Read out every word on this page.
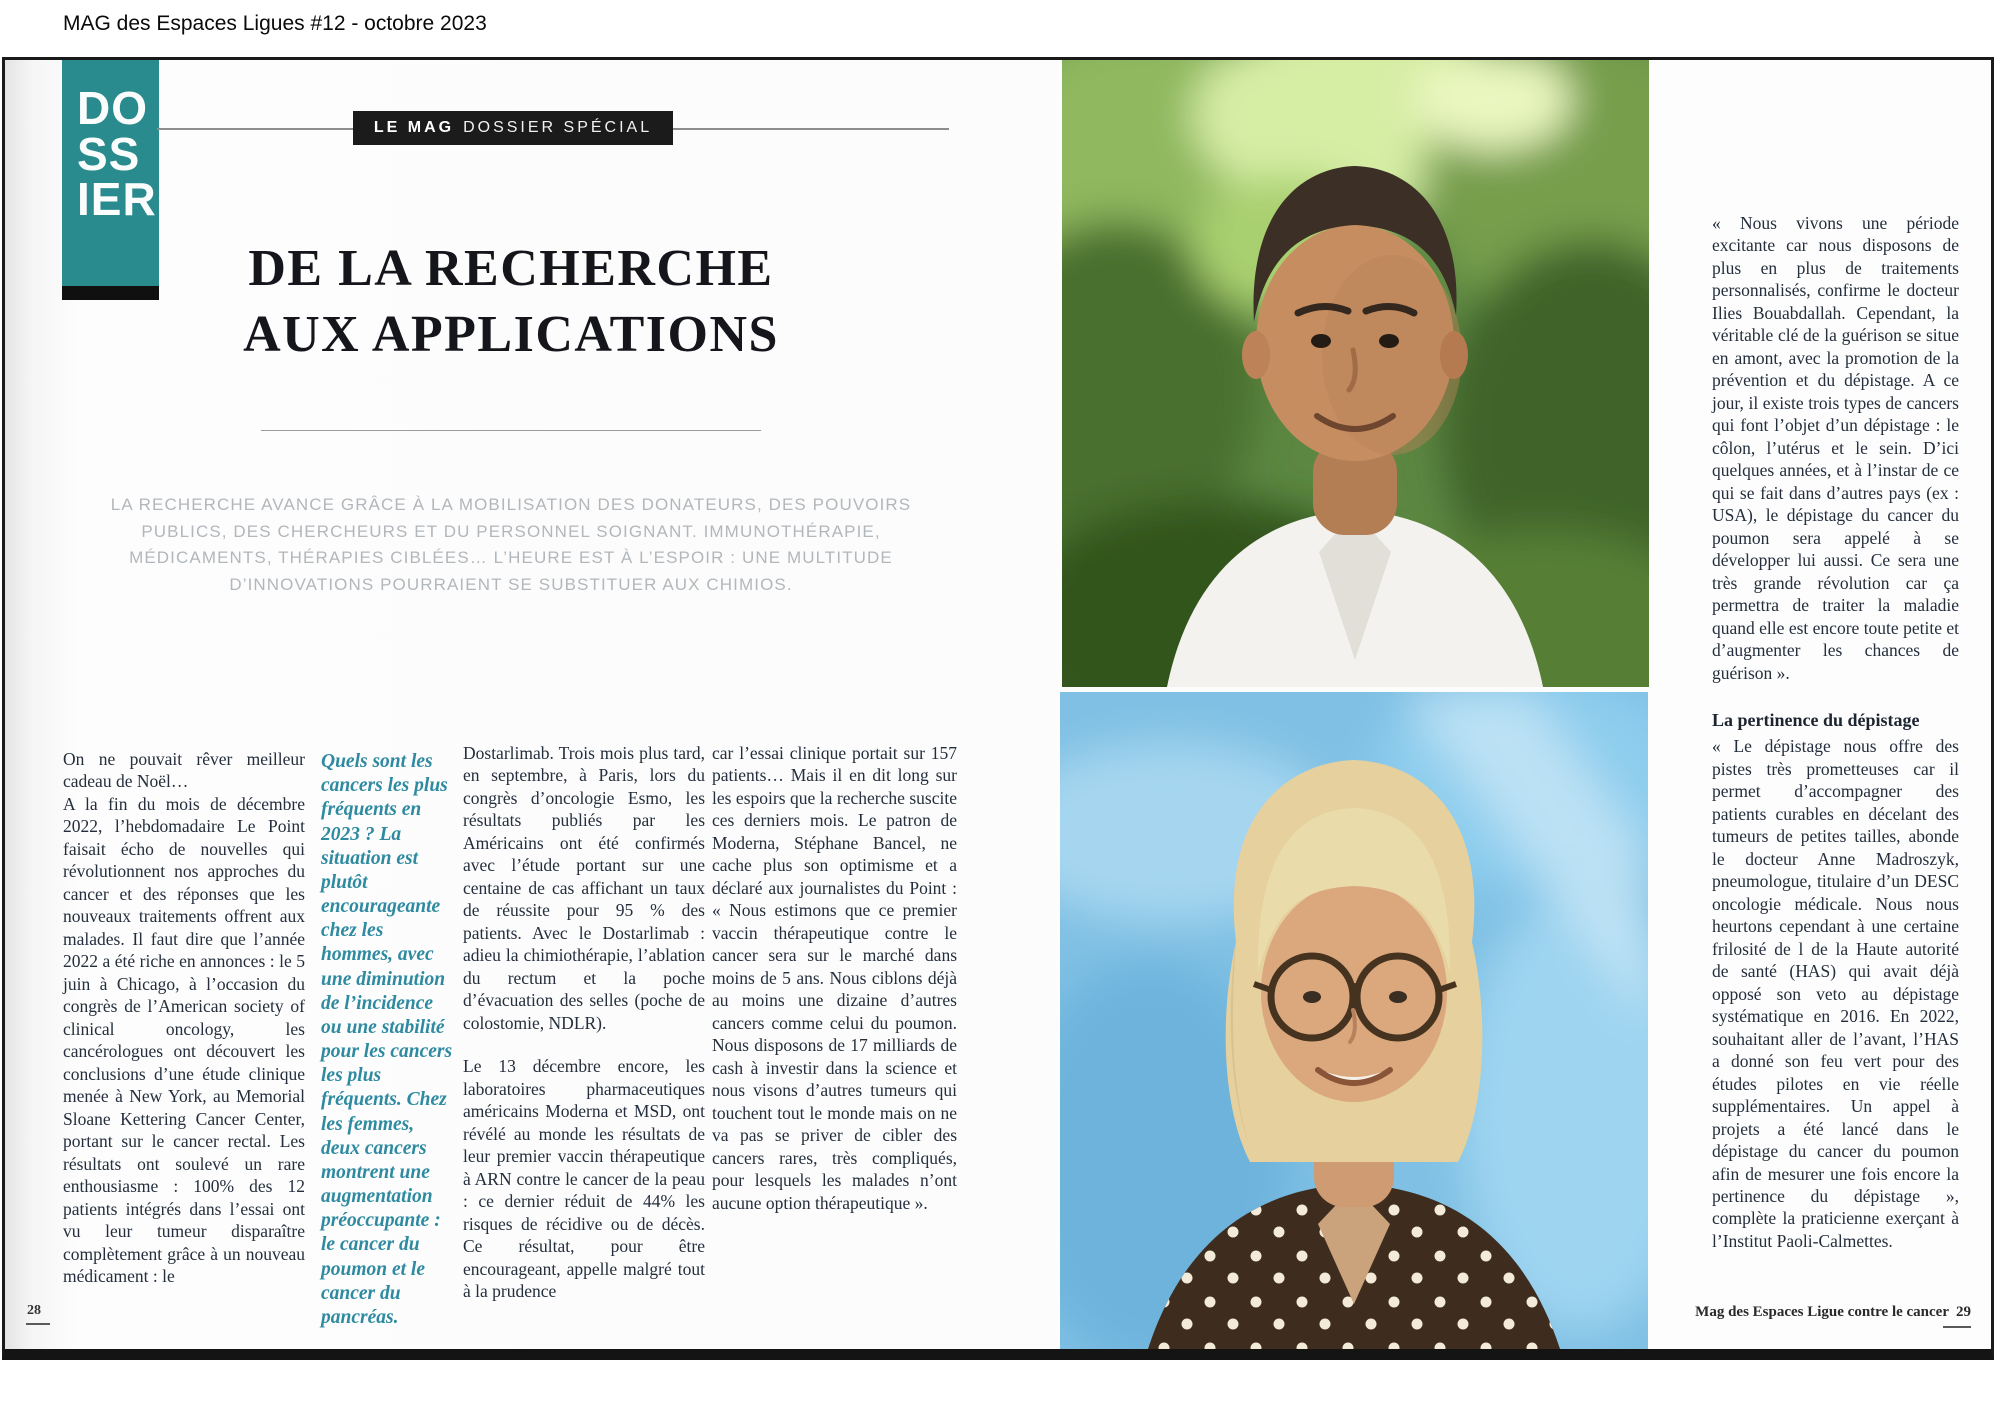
MAG des Espaces Ligues #12 - octobre 2023
DO
SS
IER
LE MAG DOSSIER SPÉCIAL
DE LA RECHERCHE
AUX APPLICATIONS
LA RECHERCHE AVANCE GRÂCE À LA MOBILISATION DES DONATEURS, DES POUVOIRS
PUBLICS, DES CHERCHEURS ET DU PERSONNEL SOIGNANT. IMMUNOTHÉRAPIE,
MÉDICAMENTS, THÉRAPIES CIBLÉES… L’HEURE EST À L’ESPOIR : UNE MULTITUDE
D’INNOVATIONS POURRAIENT SE SUBSTITUER AUX CHIMIOS.

On ne pouvait rêver meilleur cadeau de Noël…

A la fin du mois de décembre 2022, l’hebdomadaire Le Point faisait écho de nouvelles qui révolutionnent nos approches du cancer et des réponses que les nouveaux traitements offrent aux malades. Il faut dire que l’année 2022 a été riche en annonces : le 5 juin à Chicago, à l’occasion du congrès de l’American society of clinical oncology, les cancérologues ont découvert les conclusions d’une étude clinique menée à New York, au Memorial Sloane Kettering Cancer Center, portant sur le cancer rectal. Les résultats ont soulevé un rare enthousiasme : 100% des 12 patients intégrés dans l’essai ont vu leur tumeur disparaître complètement grâce à un nouveau médicament : le

Quels sont les cancers les plus fréquents en 2023 ? La situation est plutôt encourageante chez les hommes, avec une diminution de l’incidence ou une stabilité pour les cancers les plus fréquents. Chez les femmes, deux cancers montrent une augmentation préoccupante : le cancer du poumon et le cancer du pancréas.

Dostarlimab. Trois mois plus tard, en septembre, à Paris, lors du congrès d’oncologie Esmo, les résultats publiés par les Américains ont été confirmés avec l’étude portant sur une centaine de cas affichant un taux de réussite pour 95 % des patients. Avec le Dostarlimab : adieu la chimiothérapie, l’ablation du rectum et la poche d’évacuation des selles (poche de colostomie, NDLR).

Le 13 décembre encore, les laboratoires pharmaceutiques américains Moderna et MSD, ont révélé au monde les résultats de leur premier vaccin thérapeutique à ARN contre le cancer de la peau : ce dernier réduit de 44% les risques de récidive ou de décès. Ce résultat, pour être encourageant, appelle malgré tout à la prudence

car l’essai clinique portait sur 157 patients… Mais il en dit long sur les espoirs que la recherche suscite ces derniers mois. Le patron de Moderna, Stéphane Bancel, ne cache plus son optimisme et a déclaré aux journalistes du Point : « Nous estimons que ce premier vaccin thérapeutique contre le cancer sera sur le marché dans moins de 5 ans. Nous ciblons déjà au moins une dizaine d’autres cancers comme celui du poumon. Nous disposons de 17 milliards de cash à investir dans la science et nous visons d’autres tumeurs qui touchent tout le monde mais on ne va pas se priver de cibler des cancers rares, très compliqués, pour lesquels les malades n’ont aucune option thérapeutique ».

« Nous vivons une période excitante car nous disposons de plus en plus de traitements personnalisés, confirme le docteur Ilies Bouabdallah. Cependant, la véritable clé de la guérison se situe en amont, avec la promotion de la prévention et du dépistage. A ce jour, il existe trois types de cancers qui font l’objet d’un dépistage : le côlon, l’utérus et le sein. D’ici quelques années, et à l’instar de ce qui se fait dans d’autres pays (ex : USA), le dépistage du cancer du poumon sera appelé à se développer lui aussi. Ce sera une très grande révolution car ça permettra de traiter la maladie quand elle est encore toute petite et d’augmenter les chances de guérison ».

La pertinence du dépistage

« Le dépistage nous offre des pistes très prometteuses car il permet d’accompagner des patients curables en décelant des tumeurs de petites tailles, abonde le docteur Anne Madroszyk, pneumologue, titulaire d’un DESC oncologie médicale. Nous nous heurtons cependant à une certaine frilosité de l de la Haute autorité de santé (HAS) qui avait déjà opposé son veto au dépistage systématique en 2016. En 2022, souhaitant aller de l’avant, l’HAS a donné son feu vert pour des études pilotes en vie réelle supplémentaires. Un appel à projets a été lancé dans le dépistage du cancer du poumon afin de mesurer une fois encore la pertinence du dépistage », complète la praticienne exerçant à l’Institut Paoli-Calmettes.

28	Mag des Espaces Ligue contre le cancer 29
